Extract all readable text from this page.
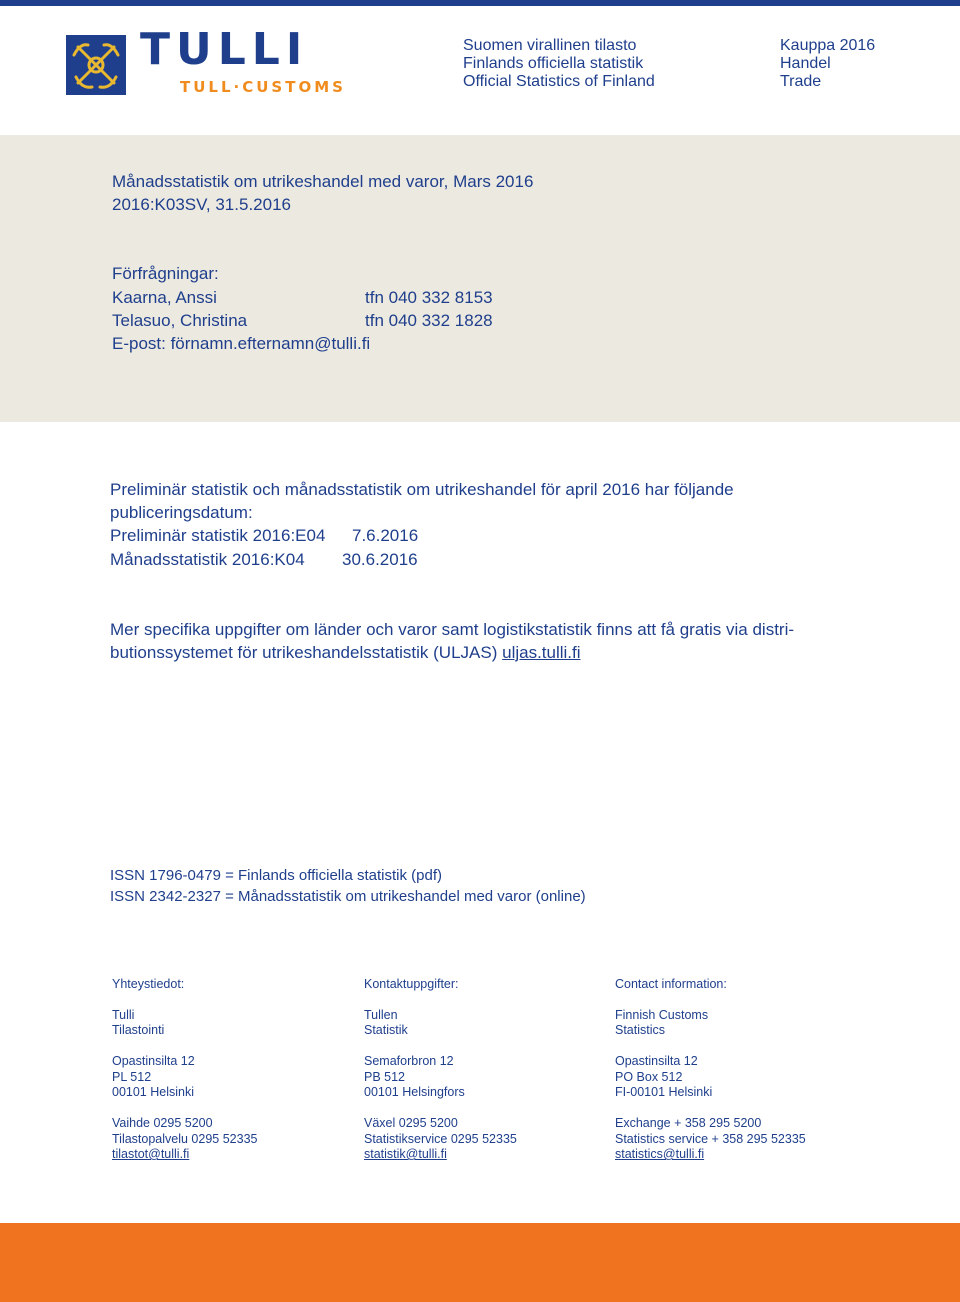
TULLI
TULL·CUSTOMS
Suomen virallinen tilasto
Finlands officiella statistik
Official Statistics of Finland
Kauppa 2016
Handel
Trade
Månadsstatistik om utrikeshandel med varor, Mars 2016
2016:K03SV, 31.5.2016
Förfrågningar:
Kaarna, Anssi	tfn 040 332 8153
Telasuo, Christina	tfn 040 332 1828
E-post: förnamn.efternamn@tulli.fi
Preliminär statistik och månadsstatistik om utrikeshandel för april 2016 har följande
publiceringsdatum:
Preliminär statistik 2016:E04 7.6.2016
Månadsstatistik 2016:K04 30.6.2016
Mer specifika uppgifter om länder och varor samt logistikstatistik finns att få gratis via distri-
butionssystemet för utrikeshandelsstatistik (ULJAS) uljas.tulli.fi
ISSN 1796-0479 = Finlands officiella statistik (pdf)
ISSN 2342-2327 = Månadsstatistik om utrikeshandel med varor (online)
Yhteystiedot:
Tulli
Tilastointi
Opastinsilta 12
PL 512
00101 Helsinki
Vaihde 0295 5200
Tilastopalvelu 0295 52335
tilastot@tulli.fi
Kontaktuppgifter:
Tullen
Statistik
Semaforbron 12
PB 512
00101 Helsingfors
Växel 0295 5200
Statistikservice 0295 52335
statistik@tulli.fi
Contact information:
Finnish Customs
Statistics
Opastinsilta 12
PO Box 512
FI-00101 Helsinki
Exchange + 358 295 5200
Statistics service + 358 295 52335
statistics@tulli.fi
